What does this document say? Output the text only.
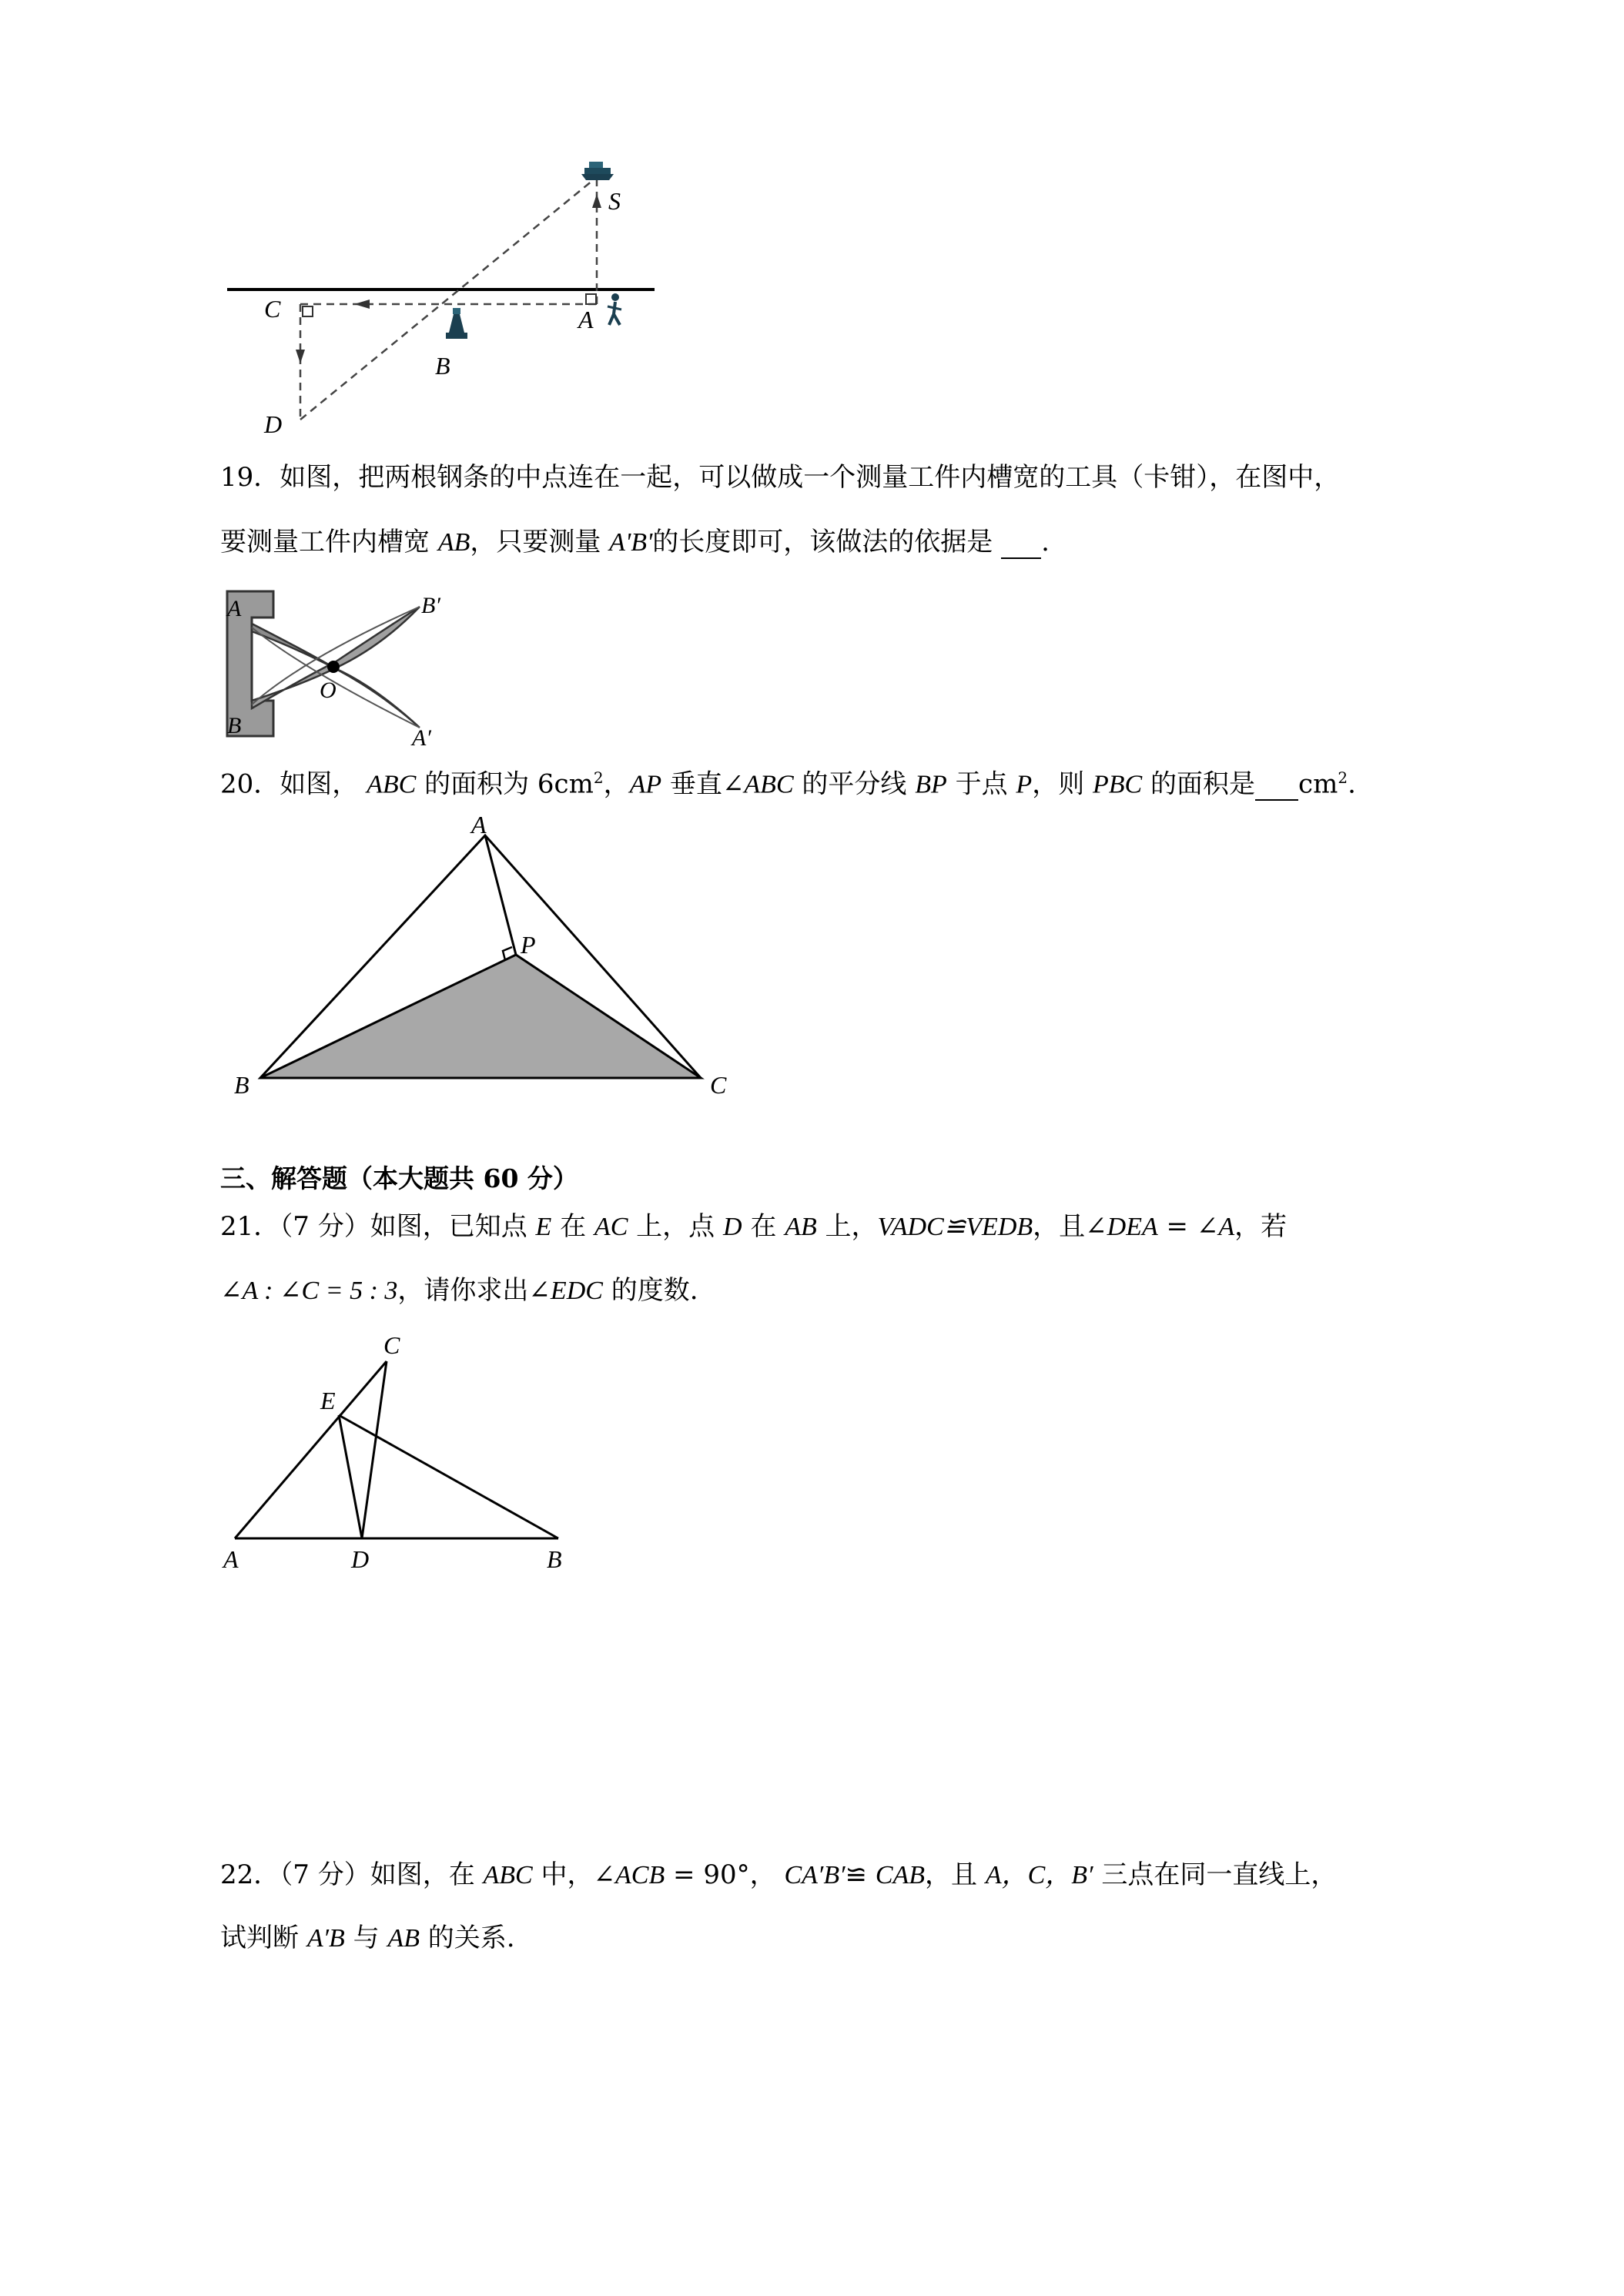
S
C	A
B
D
19．如图，把两根钢条的中点连在一起，可以做成一个测量工件内槽宽的工具（卡钳），在图中，
要测量工件内槽宽 AB，只要测量 A'B'的长度即可，该做法的依据是  .
A
B
B′
A′
O
20．如图， ABC 的面积为 $6cm^2$，AP 垂直∠ABC 的平分线 BP 于点 P，则 PBC 的面积是 $cm^2$.
A
B	C
P
三、解答题（本大题共 60 分）
21．（7 分）如图，已知点 E 在 AC 上，点 D 在 AB 上，VADC≌VEDB，且∠DEA = ∠A，若
∠A : ∠C = 5 : 3，请你求出∠EDC 的度数.
C
E
A	D	B
22．（7 分）如图，在 ABC 中，∠ACB = 90°， CA′B′≌ CAB，且 A，C，B′ 三点在同一直线上，
试判断 A′B 与 AB 的关系.
